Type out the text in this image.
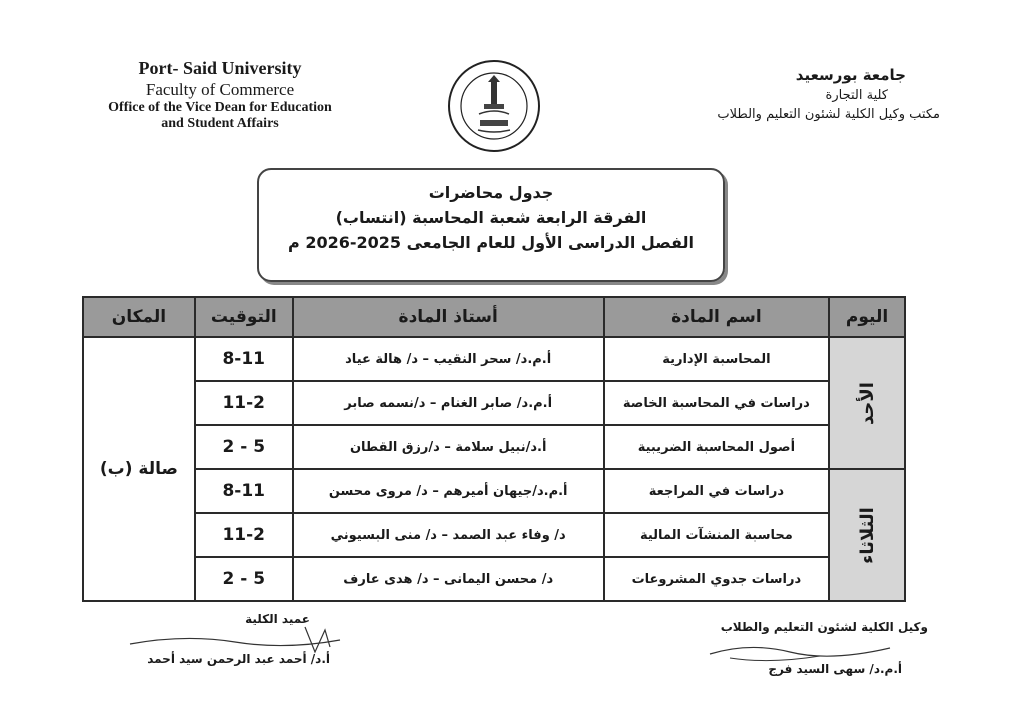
Port- Said University
Faculty of Commerce
Office of the Vice Dean for Education
and Student Affairs
جامعة بورسعيد
كلية التجارة
مكتب وكيل الكلية لشئون التعليم والطلاب
جدول محاضرات
الفرقة الرابعة شعبة المحاسبة (انتساب)
الفصل الدراسى الأول للعام الجامعى 2025-2026 م
اليوم	اسم المادة	أستاذ المادة	التوقيت	المكان
الأحد	المحاسبة الإدارية	أ.م.د/ سحر النقيب – د/ هالة عياد	8-11	صالة (ب)
	دراسات في المحاسبة الخاصة	أ.م.د/ صابر الغنام – د/نسمه صابر	11-2	
	أصول المحاسبة الضريبية	أ.د/نبيل سلامة – د/رزق القطان	2 - 5	
الثلاثاء	دراسات في المراجعة	أ.م.د/جيهان أميرهم – د/ مروى محسن	8-11	
	محاسبة المنشآت المالية	د/ وفاء عبد الصمد – د/ منى البسيوني	11-2	
	دراسات جدوي المشروعات	د/ محسن اليمانى – د/ هدى عارف	2 - 5	
عميد الكلية
أ.د/ أحمد عبد الرحمن سيد أحمد
وكيل الكلية لشئون التعليم والطلاب
أ.م.د/ سهى السيد فرج
